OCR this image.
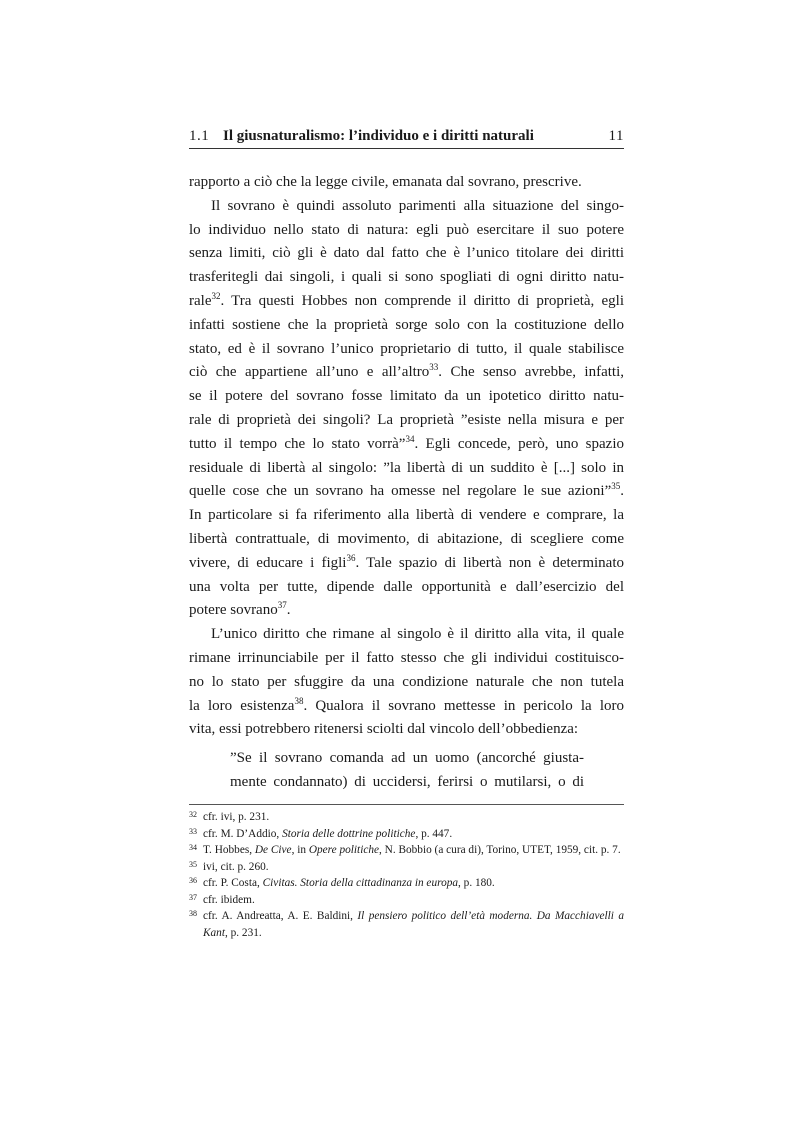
1.1 Il giusnaturalismo: l’individuo e i diritti naturali	11
rapporto a ciò che la legge civile, emanata dal sovrano, prescrive.
Il sovrano è quindi assoluto parimenti alla situazione del singo-
lo individuo nello stato di natura: egli può esercitare il suo potere
senza limiti, ciò gli è dato dal fatto che è l’unico titolare dei diritti
trasferitegli dai singoli, i quali si sono spogliati di ogni diritto natu-
rale$^{32}$. Tra questi Hobbes non comprende il diritto di proprietà, egli
infatti sostiene che la proprietà sorge solo con la costituzione dello
stato, ed è il sovrano l’unico proprietario di tutto, il quale stabilisce
ciò che appartiene all’uno e all’altro$^{33}$. Che senso avrebbe, infatti,
se il potere del sovrano fosse limitato da un ipotetico diritto natu-
rale di proprietà dei singoli? La proprietà ”esiste nella misura e per
tutto il tempo che lo stato vorrà”$^{34}$. Egli concede, però, uno spazio
residuale di libertà al singolo: ”la libertà di un suddito è [...] solo in
quelle cose che un sovrano ha omesse nel regolare le sue azioni”$^{35}$.
In particolare si fa riferimento alla libertà di vendere e comprare, la
libertà contrattuale, di movimento, di abitazione, di scegliere come
vivere, di educare i figli$^{36}$. Tale spazio di libertà non è determinato
una volta per tutte, dipende dalle opportunità e dall’esercizio del
potere sovrano$^{37}$.
L’unico diritto che rimane al singolo è il diritto alla vita, il quale
rimane irrinunciabile per il fatto stesso che gli individui costituisco-
no lo stato per sfuggire da una condizione naturale che non tutela
la loro esistenza$^{38}$. Qualora il sovrano mettesse in pericolo la loro
vita, essi potrebbero ritenersi sciolti dal vincolo dell’obbedienza:
”Se il sovrano comanda ad un uomo (ancorché giusta-
mente condannato) di uccidersi, ferirsi o mutilarsi, o di
32 cfr. ivi, p. 231.
33 cfr. M. D’Addio, Storia delle dottrine politiche, p. 447.
34 T. Hobbes, De Cive, in Opere politiche, N. Bobbio (a cura di), Torino, UTET, 1959, cit. p. 7.
35 ivi, cit. p. 260.
36 cfr. P. Costa, Civitas. Storia della cittadinanza in europa, p. 180.
37 cfr. ibidem.
38 cfr. A. Andreatta, A. E. Baldini, Il pensiero politico dell’età moderna. Da Macchiavelli a Kant, p. 231.
